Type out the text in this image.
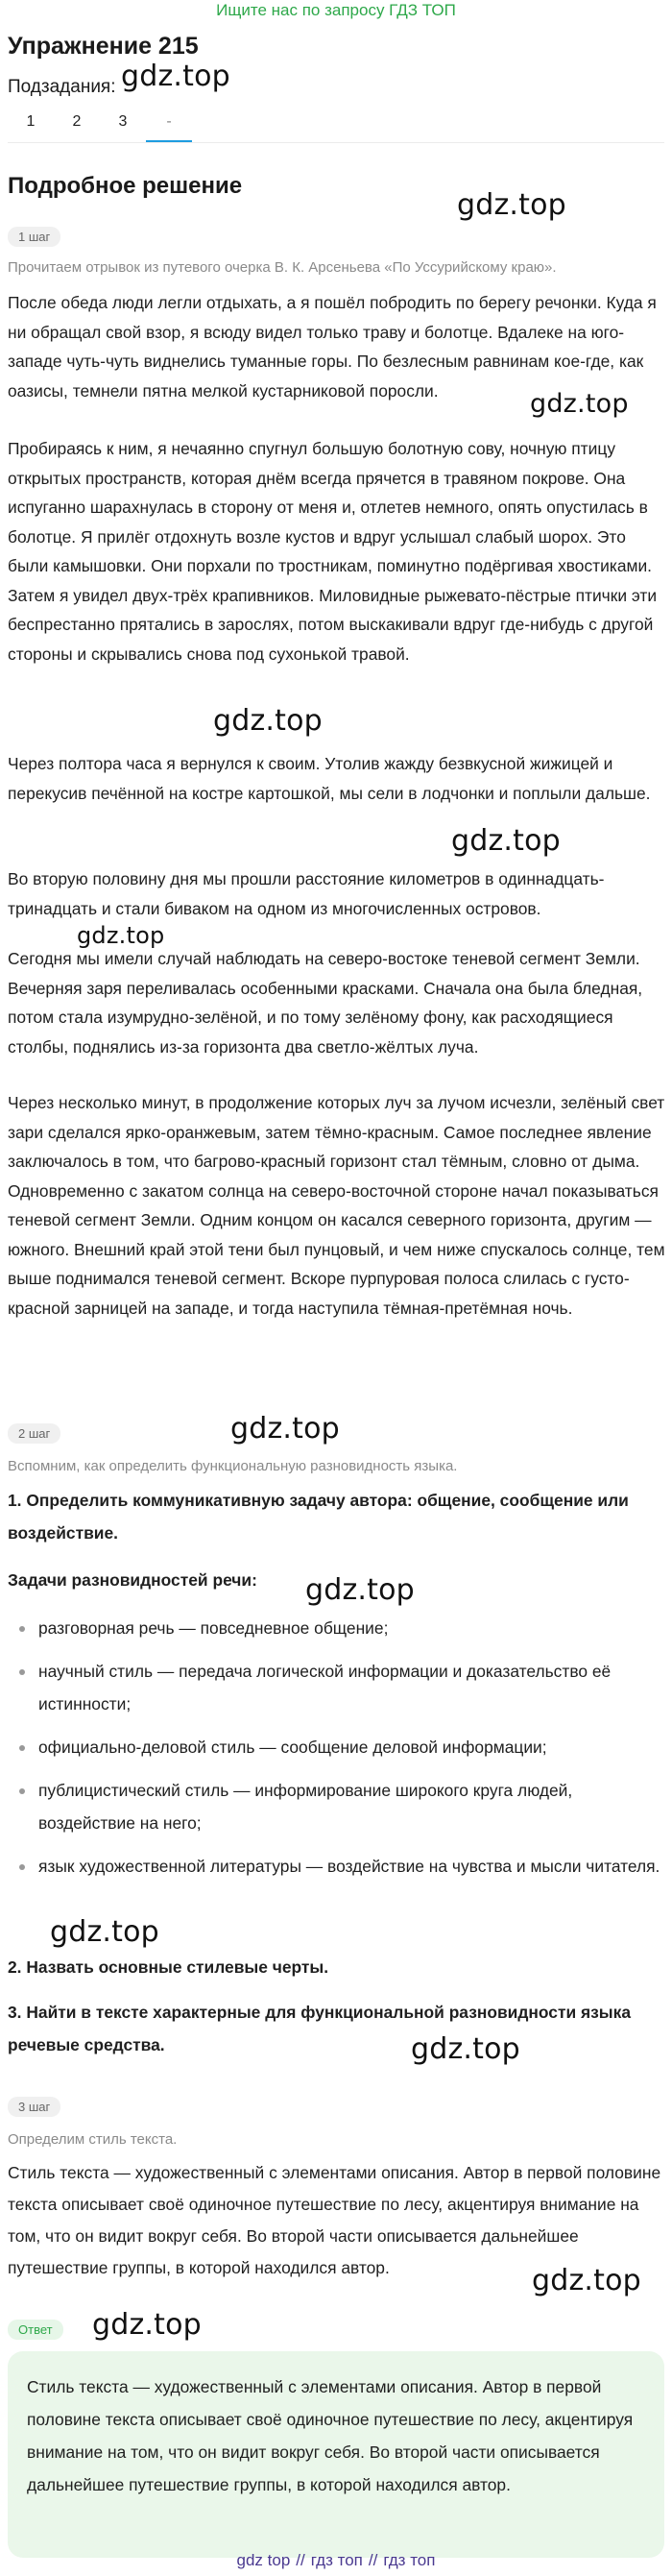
Ищите нас по запросу ГДЗ ТОП
Упражнение 215
Подзадания: gdz.top
1	2	3	-
Подробное решение
gdz.top
1 шаг
Прочитаем отрывок из путевого очерка В. К. Арсеньева «По Уссурийскому краю».

После обеда люди легли отдыхать, а я пошёл побродить по берегу речонки. Куда я ни обращал свой взор, я всюду видел только траву и болотце. Вдалеке на юго-западе чуть-чуть виднелись туманные горы. По безлесным равнинам кое-где, как оазисы, темнели пятна мелкой кустарниковой поросли.	gdz.top

Пробираясь к ним, я нечаянно спугнул большую болотную сову, ночную птицу открытых пространств, которая днём всегда прячется в травяном покрове. Она испуганно шарахнулась в сторону от меня и, отлетев немного, опять опустилась в болотце. Я прилёг отдохнуть возле кустов и вдруг услышал слабый шорох. Это были камышовки. Они порхали по тростникам, поминутно подёргивая хвостиками. Затем я увидел двух-трёх крапивников. Миловидные рыжевато-пёстрые птички эти беспрестанно прятались в зарослях, потом выскакивали вдруг где-нибудь с другой стороны и скрывались снова под сухонькой травой.

gdz.top

Через полтора часа я вернулся к своим. Утолив жажду безвкусной жижицей и перекусив печённой на костре картошкой, мы сели в лодчонки и поплыли дальше.

gdz.top

Во вторую половину дня мы прошли расстояние километров в одиннадцать-тринадцать и стали биваком на одном из многочисленных островов.

gdz.top

Сегодня мы имели случай наблюдать на северо-востоке теневой сегмент Земли. Вечерняя заря переливалась особенными красками. Сначала она была бледная, потом стала изумрудно-зелёной, и по тому зелёному фону, как расходящиеся столбы, поднялись из-за горизонта два светло-жёлтых луча.

Через несколько минут, в продолжение которых луч за лучом исчезли, зелёный свет зари сделался ярко-оранжевым, затем тёмно-красным. Самое последнее явление заключалось в том, что багрово-красный горизонт стал тёмным, словно от дыма. Одновременно с закатом солнца на северо-восточной стороне начал показываться теневой сегмент Земли. Одним концом он касался северного горизонта, другим — южного. Внешний край этой тени был пунцовый, и чем ниже спускалось солнце, тем выше поднимался теневой сегмент. Вскоре пурпуровая полоса слилась с густо-красной зарницей на западе, и тогда наступила тёмная-претёмная ночь.

2 шаг	gdz.top
Вспомним, как определить функциональную разновидность языка.

1. Определить коммуникативную задачу автора: общение, сообщение или воздействие.

Задачи разновидностей речи:	gdz.top
разговорная речь — повседневное общение;
научный стиль — передача логической информации и доказательство её истинности;
официально-деловой стиль — сообщение деловой информации;
публицистический стиль — информирование широкого круга людей, воздействие на него;
язык художественной литературы — воздействие на чувства и мысли читателя.
gdz.top

2. Назвать основные стилевые черты.

3. Найти в тексте характерные для функциональной разновидности языка речевые средства.	gdz.top
3 шаг
Определим стиль текста.

Стиль текста — художественный с элементами описания. Автор в первой половине текста описывает своё одиночное путешествие по лесу, акцентируя внимание на том, что он видит вокруг себя. Во второй части описывается дальнейшее путешествие группы, в которой находился автор.	gdz.top
Ответ	gdz.top

Стиль текста — художественный с элементами описания. Автор в первой половине текста описывает своё одиночное путешествие по лесу, акцентируя внимание на том, что он видит вокруг себя. Во второй части описывается дальнейшее путешествие группы, в которой находился автор.

gdz top // гдз топ // гдз топ
